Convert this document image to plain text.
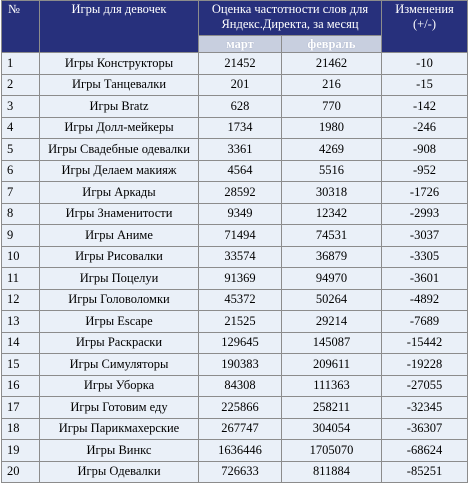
№	Игры для девочек	Оценка частотности слов для Яндекс.Директа, за месяц		Изменения (+/-)
		март	февраль	
1	Игры Конструкторы	21452	21462	-10
2	Игры Танцевалки	201	216	-15
3	Игры Bratz	628	770	-142
4	Игры Долл-мейкеры	1734	1980	-246
5	Игры Свадебные одевалки	3361	4269	-908
6	Игры Делаем макияж	4564	5516	-952
7	Игры Аркады	28592	30318	-1726
8	Игры Знаменитости	9349	12342	-2993
9	Игры Аниме	71494	74531	-3037
10	Игры Рисовалки	33574	36879	-3305
11	Игры Поцелуи	91369	94970	-3601
12	Игры Головоломки	45372	50264	-4892
13	Игры Escape	21525	29214	-7689
14	Игры Раскраски	129645	145087	-15442
15	Игры Симуляторы	190383	209611	-19228
16	Игры Уборка	84308	111363	-27055
17	Игры Готовим еду	225866	258211	-32345
18	Игры Парикмахерские	267747	304054	-36307
19	Игры Винкс	1636446	1705070	-68624
20	Игры Одевалки	726633	811884	-85251
